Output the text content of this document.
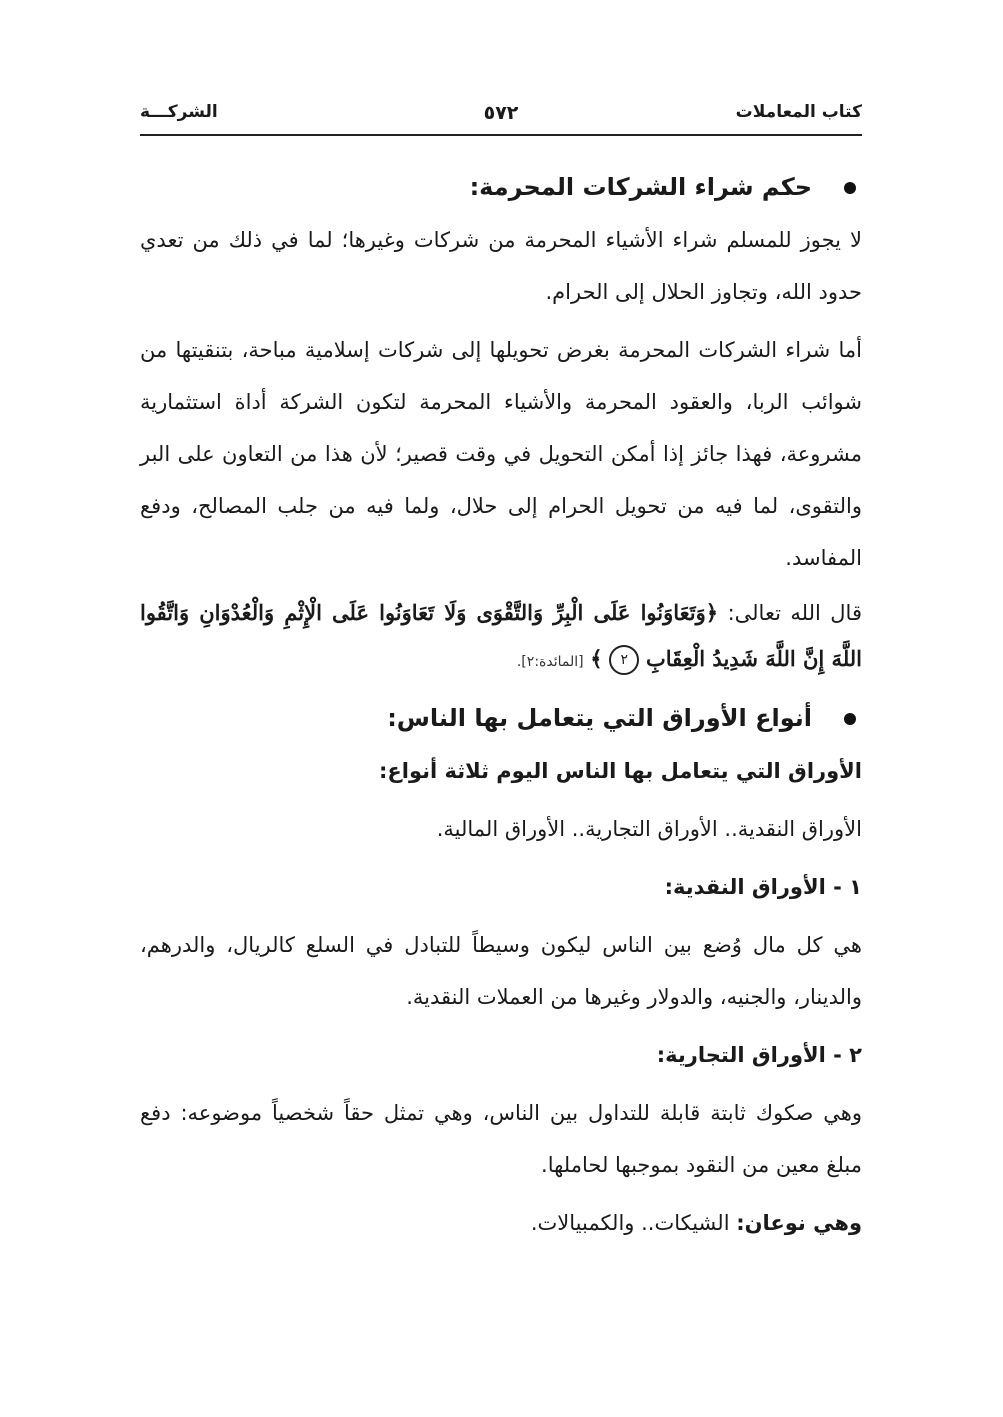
كتاب المعاملات
٥٧٢
الشركـــة
حكم شراء الشركات المحرمة:

لا يجوز للمسلم شراء الأشياء المحرمة من شركات وغيرها؛ لما في ذلك من تعدي حدود الله، وتجاوز الحلال إلى الحرام.

أما شراء الشركات المحرمة بغرض تحويلها إلى شركات إسلامية مباحة، بتنقيتها من شوائب الربا، والعقود المحرمة والأشياء المحرمة لتكون الشركة أداة استثمارية مشروعة، فهذا جائز إذا أمكن التحويل في وقت قصير؛ لأن هذا من التعاون على البر والتقوى، لما فيه من تحويل الحرام إلى حلال، ولما فيه من جلب المصالح، ودفع المفاسد.

قال الله تعالى: ﴿وَتَعَاوَنُوا عَلَى الْبِرِّ وَالتَّقْوَى وَلَا تَعَاوَنُوا عَلَى الْإِثْمِ وَالْعُدْوَانِ وَاتَّقُوا اللَّهَ إِنَّ اللَّهَ شَدِيدُ الْعِقَابِ ٢ ﴾ [المائدة:٢].

أنواع الأوراق التي يتعامل بها الناس:

الأوراق التي يتعامل بها الناس اليوم ثلاثة أنواع:

الأوراق النقدية.. الأوراق التجارية.. الأوراق المالية.

١ - الأوراق النقدية:

هي كل مال وُضع بين الناس ليكون وسيطاً للتبادل في السلع كالريال، والدرهم، والدينار، والجنيه، والدولار وغيرها من العملات النقدية.

٢ - الأوراق التجارية:

وهي صكوك ثابتة قابلة للتداول بين الناس، وهي تمثل حقاً شخصياً موضوعه: دفع مبلغ معين من النقود بموجبها لحاملها.

وهي نوعان: الشيكات.. والكمبيالات.
